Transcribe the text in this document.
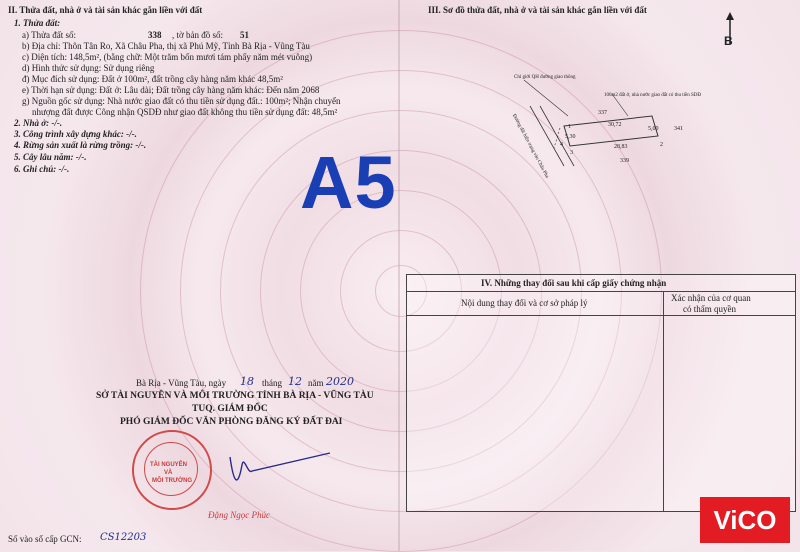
II. Thửa đất, nhà ở và tài sản khác gắn liền với đất
1. Thửa đất:
a) Thửa đất số:	338 , tờ bản đồ số: 51
b) Địa chỉ: Thôn Tân Ro, Xã Châu Pha, thị xã Phú Mỹ, Tỉnh Bà Rịa - Vũng Tàu
c) Diện tích: 148,5m², (bằng chữ: Một trăm bốn mươi tám phẩy năm mét vuông)
d) Hình thức sử dụng: Sử dụng riêng
đ) Mục đích sử dụng: Đất ở 100m², đất trồng cây hàng năm khác 48,5m²
e) Thời hạn sử dụng: Đất ở: Lâu dài; Đất trồng cây hàng năm khác: Đến năm 2068
g) Nguồn gốc sử dụng: Nhà nước giao đất có thu tiền sử dụng đất.: 100m²; Nhận chuyển
nhượng đất được Công nhận QSDĐ như giao đất không thu tiền sử dụng đất: 48,5m²
2. Nhà ở: -/-.
3. Công trình xây dựng khác: -/-.
4. Rừng sản xuất là rừng trồng: -/-.
5. Cây lâu năm: -/-.
6. Ghi chú: -/-.	A5
Bà Rịa - Vũng Tàu, ngày 18 tháng 12 năm 2020
SỞ TÀI NGUYÊN VÀ MÔI TRƯỜNG TỈNH BÀ RỊA - VŨNG TÀU
TUQ. GIÁM ĐỐC
PHÓ GIÁM ĐỐC VĂN PHÒNG ĐĂNG KÝ ĐẤT ĐAI
TÀI NGUYÊN
VÀ
MÔI TRƯỜNG
Đặng Ngọc Phúc
Số vào sổ cấp GCN: CS12203
III. Sơ đồ thửa đất, nhà ở và tài sản khác gắn liền với đất
B
Chỉ giới QH đường giao thông
100m2 đất ở, nhà nước giao đất có thu tiền SDĐ
Đường đất hiện trạng vào Châu Pha
337
341
339
30,72
28,83
5,00
5,30
1
2
3
4
IV. Những thay đổi sau khi cấp giấy chứng nhận
Nội dung thay đổi và cơ sở pháp lý	Xác nhận của cơ quan
có thẩm quyền
ViCO
